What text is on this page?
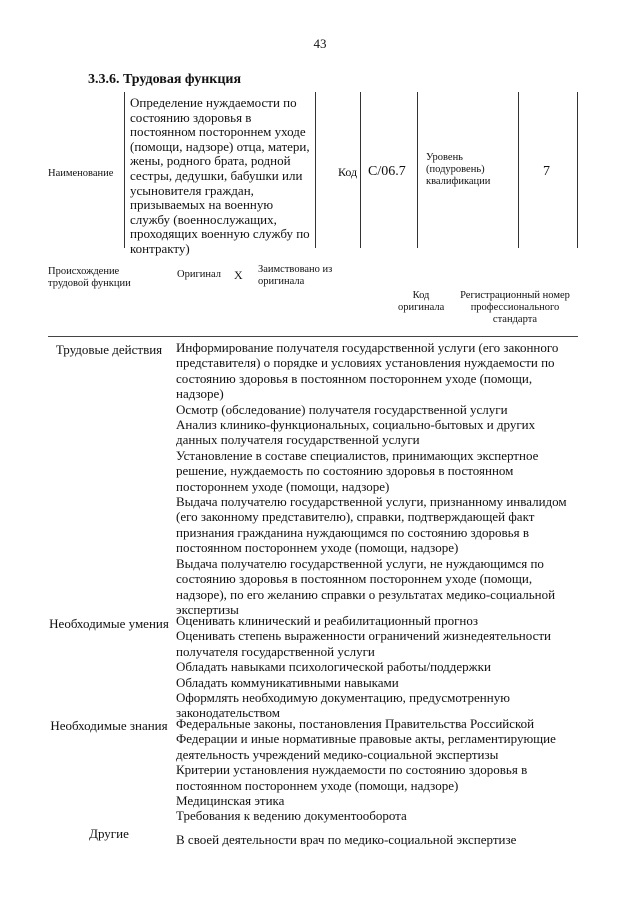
43
3.3.6. Трудовая функция
Наименование
Определение нуждаемости по состоянию здоровья в постоянном постороннем уходе (помощи, надзоре) отца, матери, жены, родного брата, родной сестры, дедушки, бабушки или усыновителя граждан, призываемых на военную службу (военнослужащих, проходящих военную службу по контракту)
Код С/06.7
Уровень (подуровень) квалификации
7
Происхождение трудовой функции
Оригинал X Заимствовано из оригинала
Код оригинала
Регистрационный номер профессионального стандарта
Трудовые действия	Информирование получателя государственной услуги (его законного представителя) о порядке и условиях установления нуждаемости по состоянию здоровья в постоянном постороннем уходе (помощи, надзоре)
Осмотр (обследование) получателя государственной услуги
Анализ клинико-функциональных, социально-бытовых и других данных получателя государственной услуги
Установление в составе специалистов, принимающих экспертное решение, нуждаемость по состоянию здоровья в постоянном постороннем уходе (помощи, надзоре)
Выдача получателю государственной услуги, признанному инвалидом (его законному представителю), справки, подтверждающей факт признания гражданина нуждающимся по состоянию здоровья в постоянном постороннем уходе (помощи, надзоре)
Выдача получателю государственной услуги, не нуждающимся по состоянию здоровья в постоянном постороннем уходе (помощи, надзоре), по его желанию справки о результатах медико-социальной экспертизы
Необходимые умения Оценивать клинический и реабилитационный прогноз
Оценивать степень выраженности ограничений жизнедеятельности получателя государственной услуги
Обладать навыками психологической работы/поддержки
Обладать коммуникативными навыками
Оформлять необходимую документацию, предусмотренную законодательством
Необходимые знания Федеральные законы, постановления Правительства Российской Федерации и иные нормативные правовые акты, регламентирующие деятельность учреждений медико-социальной экспертизы
Критерии установления нуждаемости по состоянию здоровья в постоянном постороннем уходе (помощи, надзоре)
Медицинская этика
Требования к ведению документооборота
Другие	В своей деятельности врач по медико-социальной экспертизе
